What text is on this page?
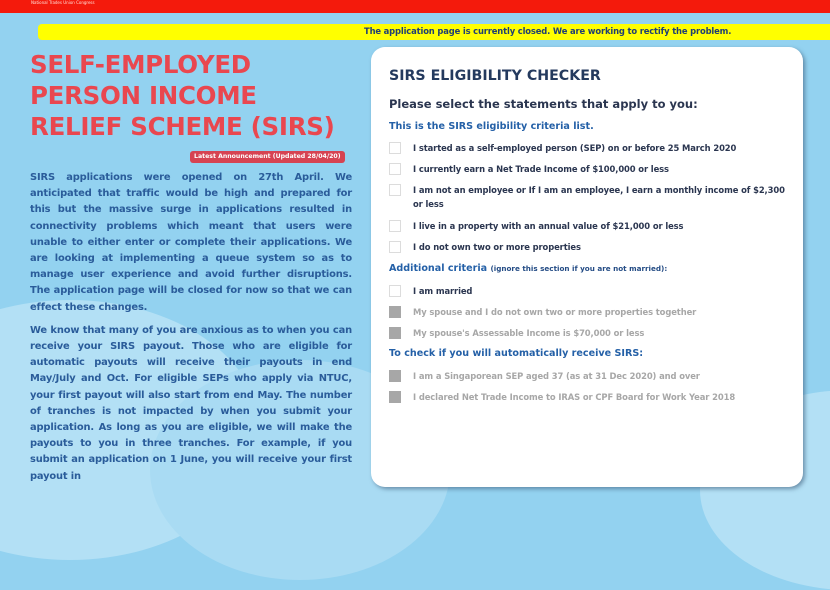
National Trades Union Congress
The application page is currently closed. We are working to rectify the problem.
SELF-EMPLOYED
PERSON INCOME
RELIEF SCHEME (SIRS)
Latest Announcement (Updated 28/04/20)

SIRS applications were opened on 27th April. We anticipated that traffic would be high and prepared for this but the massive surge in applications resulted in connectivity problems which meant that users were unable to either enter or complete their applications. We are looking at implementing a queue system so as to manage user experience and avoid further disruptions. The application page will be closed for now so that we can effect these changes.

We know that many of you are anxious as to when you can receive your SIRS payout. Those who are eligible for automatic payouts will receive their payouts in end May/July and Oct. For eligible SEPs who apply via NTUC, your first payout will also start from end May. The number of tranches is not impacted by when you submit your application. As long as you are eligible, we will make the payouts to you in three tranches. For example, if you submit an application on 1 June, you will receive your first payout in

SIRS ELIGIBILITY CHECKER
Please select the statements that apply to you:
This is the SIRS eligibility criteria list.
I started as a self-employed person (SEP) on or before 25 March 2020
I currently earn a Net Trade Income of $100,000 or less
I am not an employee or If I am an employee, I earn a monthly income of $2,300 or less
I live in a property with an annual value of $21,000 or less
I do not own two or more properties
Additional criteria (ignore this section if you are not married):
I am married
My spouse and I do not own two or more properties together
My spouse's Assessable Income is $70,000 or less
To check if you will automatically receive SIRS:
I am a Singaporean SEP aged 37 (as at 31 Dec 2020) and over
I declared Net Trade Income to IRAS or CPF Board for Work Year 2018
